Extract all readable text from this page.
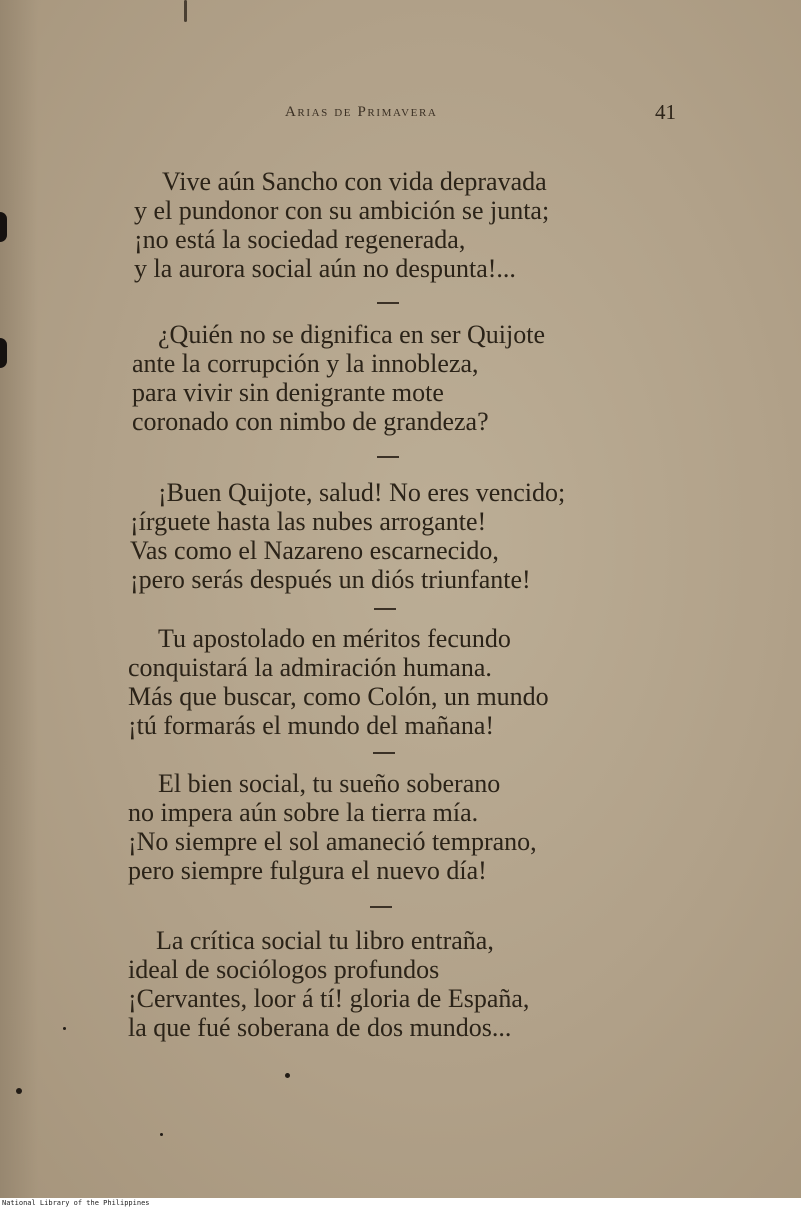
Arias de Primavera	41
Vive aún Sancho con vida depravada
y el pundonor con su ambición se junta;
¡no está la sociedad regenerada,
y la aurora social aún no despunta!...
¿Quién no se dignifica en ser Quijote
ante la corrupción y la innobleza,
para vivir sin denigrante mote
coronado con nimbo de grandeza?
¡Buen Quijote, salud! No eres vencido;
¡írguete hasta las nubes arrogante!
Vas como el Nazareno escarnecido,
¡pero serás después un diós triunfante!
Tu apostolado en méritos fecundo
conquistará la admiración humana.
Más que buscar, como Colón, un mundo
¡tú formarás el mundo del mañana!
El bien social, tu sueño soberano
no impera aún sobre la tierra mía.
¡No siempre el sol amaneció temprano,
pero siempre fulgura el nuevo día!
La crítica social tu libro entraña,
ideal de sociólogos profundos
¡Cervantes, loor á tí! gloria de España,
la que fué soberana de dos mundos...
National Library of the Philippines
